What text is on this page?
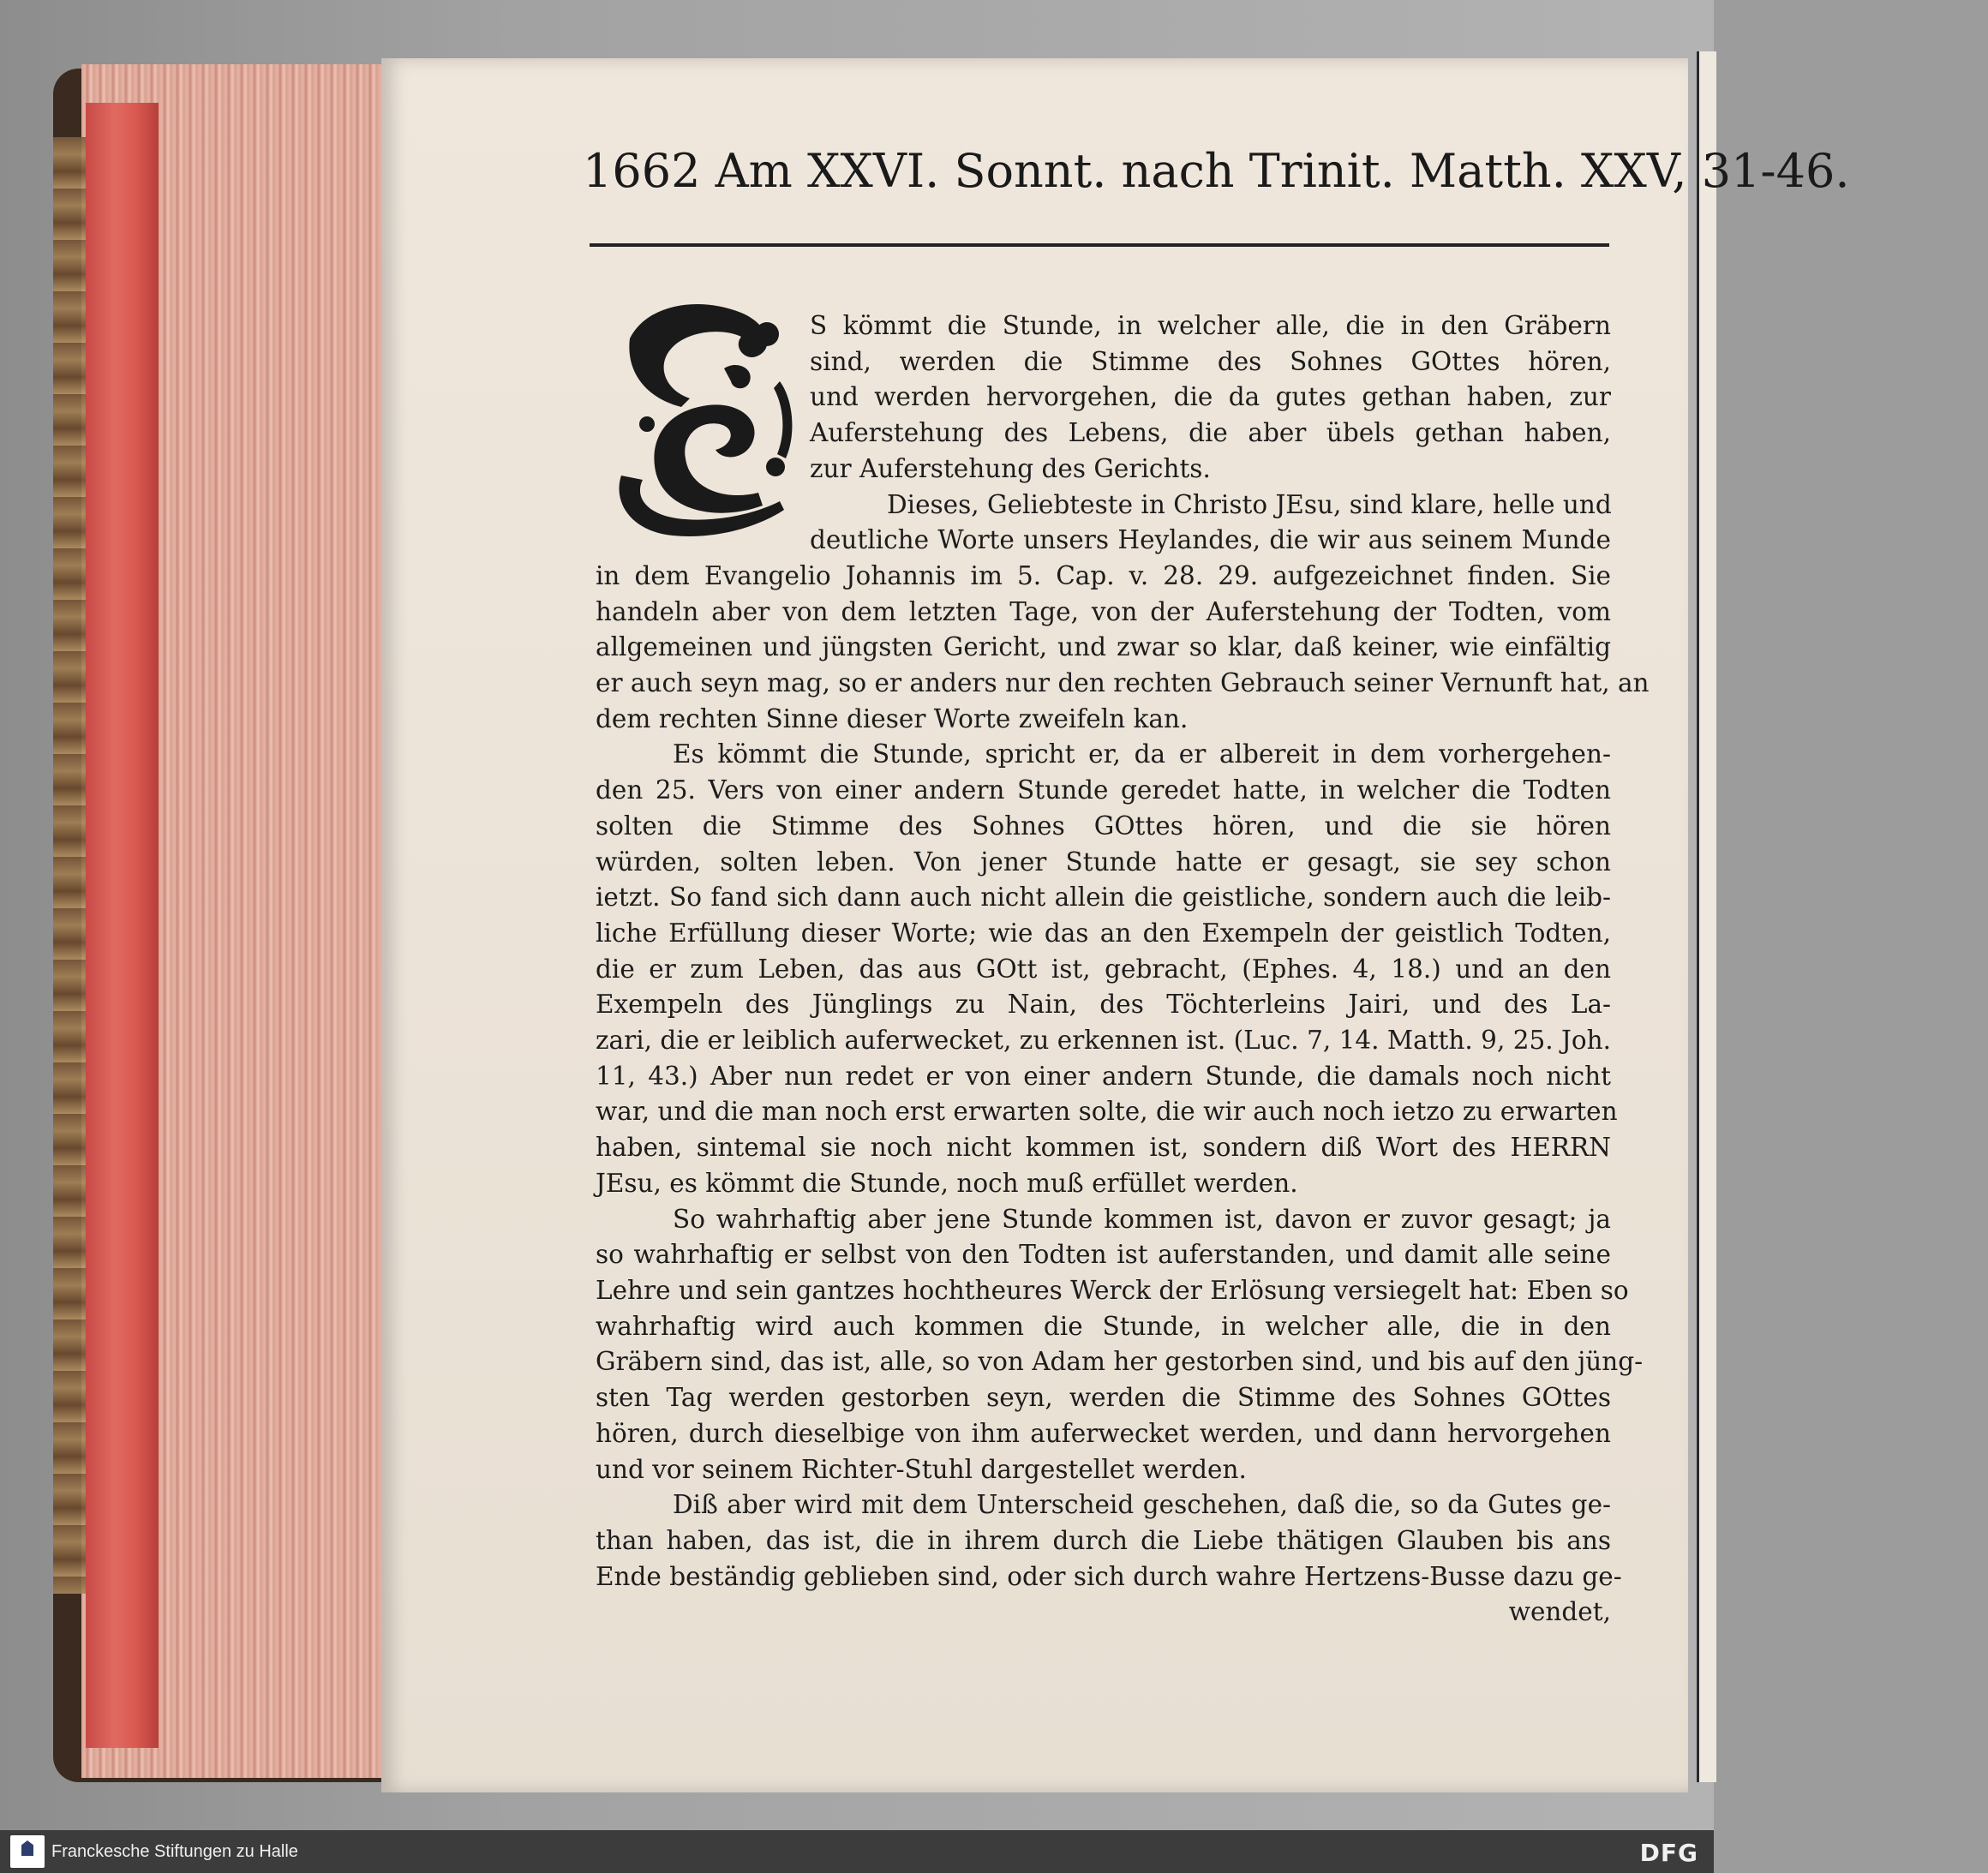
1662 Am XXVI. Sonnt. nach Trinit. Matth. XXV, 31-46.

S kömmt die Stunde, in welcher alle, die in den Gräbern
sind, werden die Stimme des Sohnes GOttes hören,
und werden hervorgehen, die da gutes gethan haben, zur
Auferstehung des Lebens, die aber übels gethan haben,
zur Auferstehung des Gerichts.

Dieses, Geliebteste in Christo JEsu, sind klare, helle und
deutliche Worte unsers Heylandes, die wir aus seinem Munde
in dem Evangelio Johannis im 5. Cap. v. 28. 29. aufgezeichnet finden. Sie
handeln aber von dem letzten Tage, von der Auferstehung der Todten, vom
allgemeinen und jüngsten Gericht, und zwar so klar, daß keiner, wie einfältig
er auch seyn mag, so er anders nur den rechten Gebrauch seiner Vernunft hat, an
dem rechten Sinne dieser Worte zweifeln kan.

Es kömmt die Stunde, spricht er, da er albereit in dem vorhergehen-
den 25. Vers von einer andern Stunde geredet hatte, in welcher die Todten
solten die Stimme des Sohnes GOttes hören, und die sie hören
würden, solten leben. Von jener Stunde hatte er gesagt, sie sey schon
ietzt. So fand sich dann auch nicht allein die geistliche, sondern auch die leib-
liche Erfüllung dieser Worte; wie das an den Exempeln der geistlich Todten,
die er zum Leben, das aus GOtt ist, gebracht, (Ephes. 4, 18.) und an den
Exempeln des Jünglings zu Nain, des Töchterleins Jairi, und des La-
zari, die er leiblich auferwecket, zu erkennen ist. (Luc. 7, 14. Matth. 9, 25. Joh.
11, 43.) Aber nun redet er von einer andern Stunde, die damals noch nicht
war, und die man noch erst erwarten solte, die wir auch noch ietzo zu erwarten
haben, sintemal sie noch nicht kommen ist, sondern diß Wort des HERRN
JEsu, es kömmt die Stunde, noch muß erfüllet werden.

So wahrhaftig aber jene Stunde kommen ist, davon er zuvor gesagt; ja
so wahrhaftig er selbst von den Todten ist auferstanden, und damit alle seine
Lehre und sein gantzes hochtheures Werck der Erlösung versiegelt hat: Eben so
wahrhaftig wird auch kommen die Stunde, in welcher alle, die in den
Gräbern sind, das ist, alle, so von Adam her gestorben sind, und bis auf den jüng-
sten Tag werden gestorben seyn, werden die Stimme des Sohnes GOttes
hören, durch dieselbige von ihm auferwecket werden, und dann hervorgehen
und vor seinem Richter-Stuhl dargestellet werden.

Diß aber wird mit dem Unterscheid geschehen, daß die, so da Gutes ge-
than haben, das ist, die in ihrem durch die Liebe thätigen Glauben bis ans
Ende beständig geblieben sind, oder sich durch wahre Hertzens-Busse dazu ge-

wendet,
Franckesche Stiftungen zu Halle	DFG
